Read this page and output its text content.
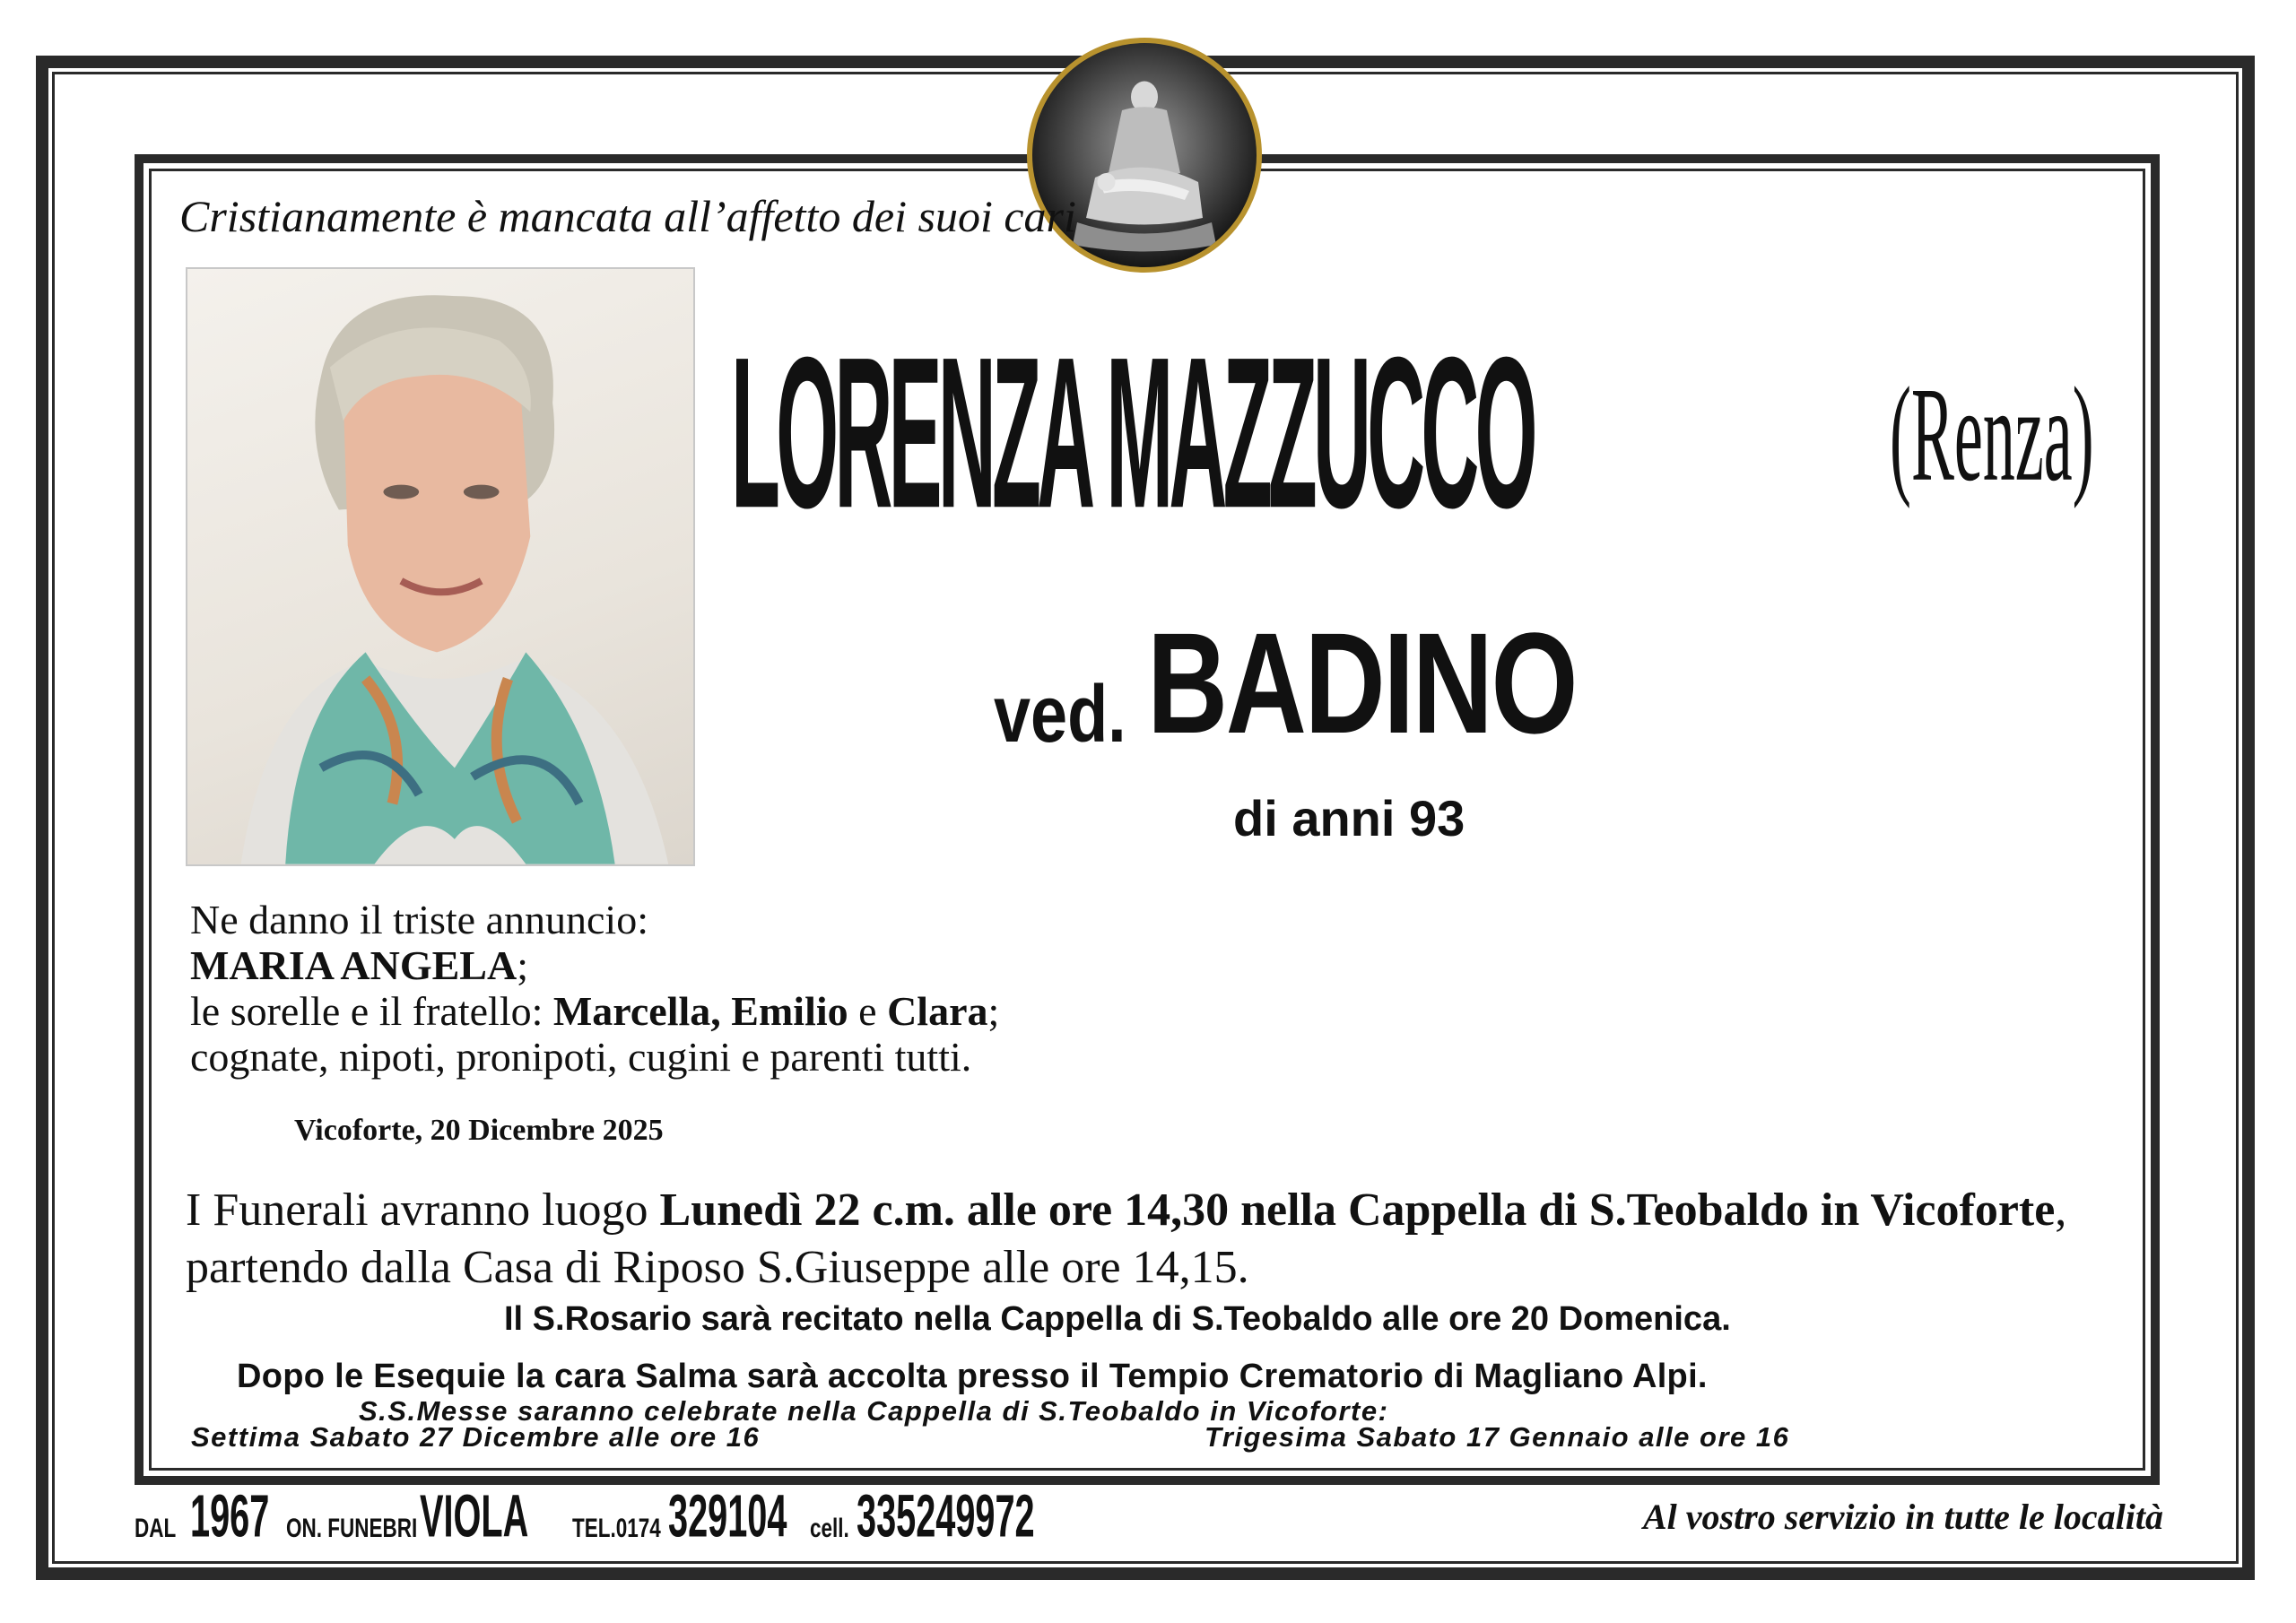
Cristianamente è mancata all’affetto dei suoi cari
LORENZA MAZZUCCO	(Renza)
ved. BADINO
di anni 93
Ne danno il triste annuncio:
MARIA ANGELA;
le sorelle e il fratello: Marcella, Emilio e Clara;
cognate, nipoti, pronipoti, cugini e parenti tutti.
Vicoforte, 20 Dicembre 2025
I Funerali avranno luogo Lunedì 22 c.m. alle ore 14,30 nella Cappella di S.Teobaldo in Vicoforte,
partendo dalla Casa di Riposo S.Giuseppe alle ore 14,15.
Il S.Rosario sarà recitato nella Cappella di S.Teobaldo alle ore 20 Domenica.
Dopo le Esequie la cara Salma sarà accolta presso il Tempio Crematorio di Magliano Alpi.
S.S.Messe saranno celebrate nella Cappella di S.Teobaldo in Vicoforte:
Settima Sabato 27 Dicembre alle ore 16	Trigesima Sabato 17 Gennaio alle ore 16
DAL 1967 ON. FUNEBRI VIOLA TEL.0174 329104 cell. 335249972	Al vostro servizio in tutte le località
